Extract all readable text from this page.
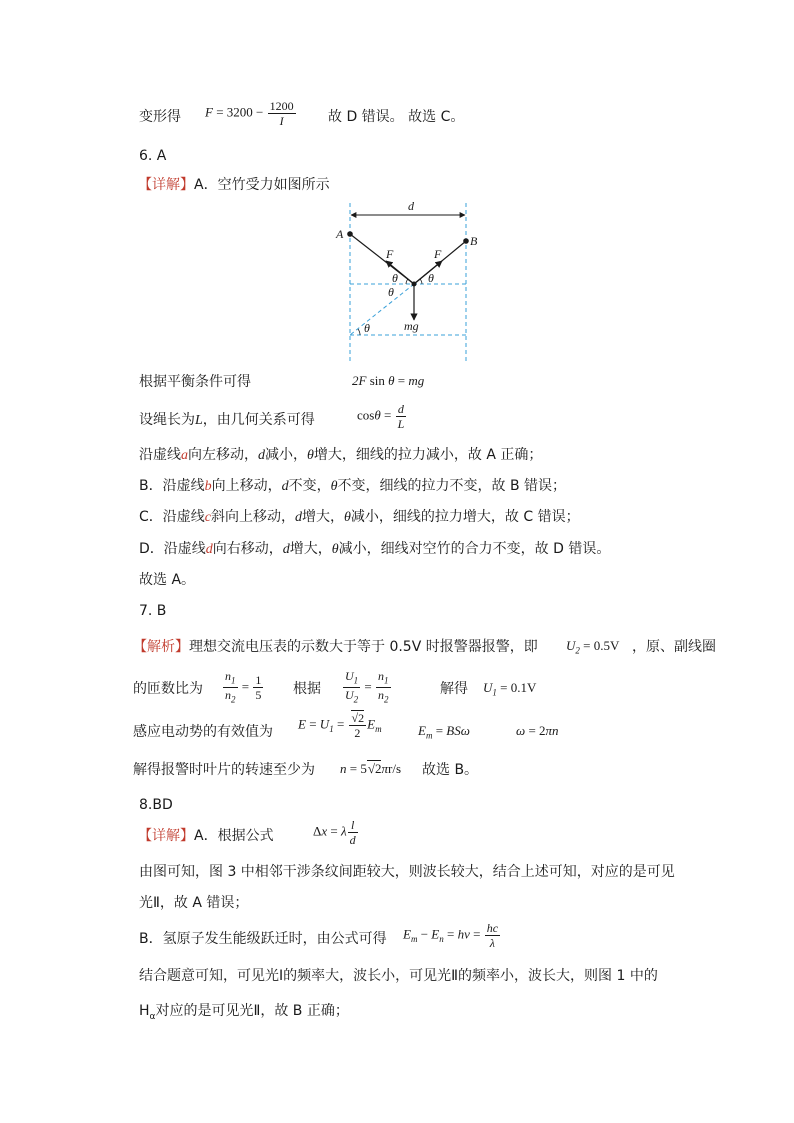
变形得 $F = 3200 - \frac{1200}{I}$ 故 D 错误。 故选 C。
6. A
【详解】A．空竹受力如图所示
d
A	B
F	F
θ	θ
θ
θ	mg
根据平衡条件可得	2F sin θ = mg
设绳长为L，由几何关系可得	$\cos\theta = \frac{d}{L}$
沿虚线a向左移动，d减小，θ增大，细线的拉力减小，故 A 正确；
B．沿虚线b向上移动，d不变，θ不变，细线的拉力不变，故 B 错误；
C．沿虚线c斜向上移动，d增大，θ减小，细线的拉力增大，故 C 错误；
D．沿虚线d向右移动，d增大，θ减小，细线对空竹的合力不变，故 D 错误。
故选 A。
7. B
【解析】理想交流电压表的示数大于等于 0.5V 时报警器报警，即 $U_2 = 0.5V$ ，原、副线圈
的匝数比为 $\frac{n_1}{n_2} = \frac{1}{5}$ 根据 $\frac{U_1}{U_2} = \frac{n_1}{n_2}$	解得 $U_1 = 0.1V$
感应电动势的有效值为
$E = U_1 = \frac{√2}{2} E_m$	$E_m = BS\omega$	ω = 2πn
解得报警时叶片的转速至少为 n = 5√2πr/s 故选 B。
8.BD
【详解】A．根据公式	Δx = λ $\frac{l}{d}$
由图可知，图 3 中相邻干涉条纹间距较大，则波长较大，结合上述可知，对应的是可见
光Ⅱ，故 A 错误；
B．氢原子发生能级跃迁时，由公式可得 $E_m - E_n = h\nu = \frac{hc}{\lambda}$
结合题意可知，可见光Ⅰ的频率大，波长小，可见光Ⅱ的频率小，波长大，则图 1 中的
$H_\alpha$对应的是可见光Ⅱ，故 B 正确；
